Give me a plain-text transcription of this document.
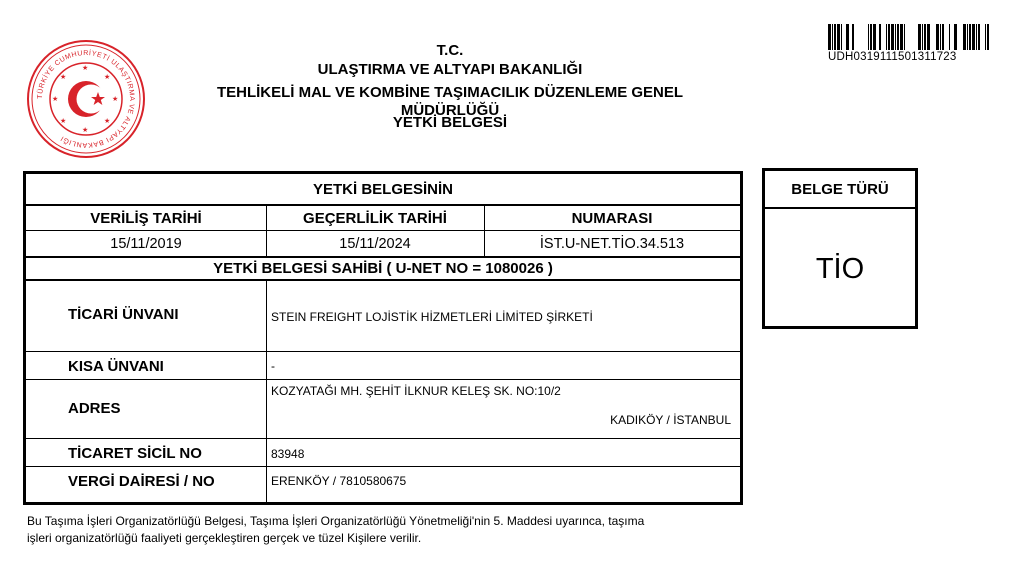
TÜRKİYE CUMHURİYETİ ULAŞTIRMA VE ALTYAPI BAKANLIĞI
★
★
★
★
★
★
★
★
T.C.
ULAŞTIRMA VE ALTYAPI BAKANLIĞI
TEHLİKELİ MAL VE KOMBİNE TAŞIMACILIK DÜZENLEME GENEL
MÜDÜRLÜĞÜ
YETKİ BELGESİ
UDH0319111501311723
YETKİ BELGESİNİN
VERİLİŞ TARİHİ	GEÇERLİLİK TARİHİ	NUMARASI
15/11/2019	15/11/2024	İST.U-NET.TİO.34.513
YETKİ BELGESİ SAHİBİ ( U-NET NO = 1080026 )
TİCARİ ÜNVANI	STEIN FREIGHT LOJİSTİK HİZMETLERİ LİMİTED ŞİRKETİ
KISA ÜNVANI	-
ADRES
KOZYATAĞI MH. ŞEHİT İLKNUR KELEŞ SK. NO:10/2
KADIKÖY / İSTANBUL
TİCARET SİCİL NO	83948
VERGİ DAİRESİ / NO	ERENKÖY / 7810580675
BELGE TÜRÜ
TİO
Bu Taşıma İşleri Organizatörlüğü Belgesi, Taşıma İşleri Organizatörlüğü Yönetmeliği'nin 5. Maddesi uyarınca, taşıma
işleri organizatörlüğü faaliyeti gerçekleştiren gerçek ve tüzel Kişilere verilir.
